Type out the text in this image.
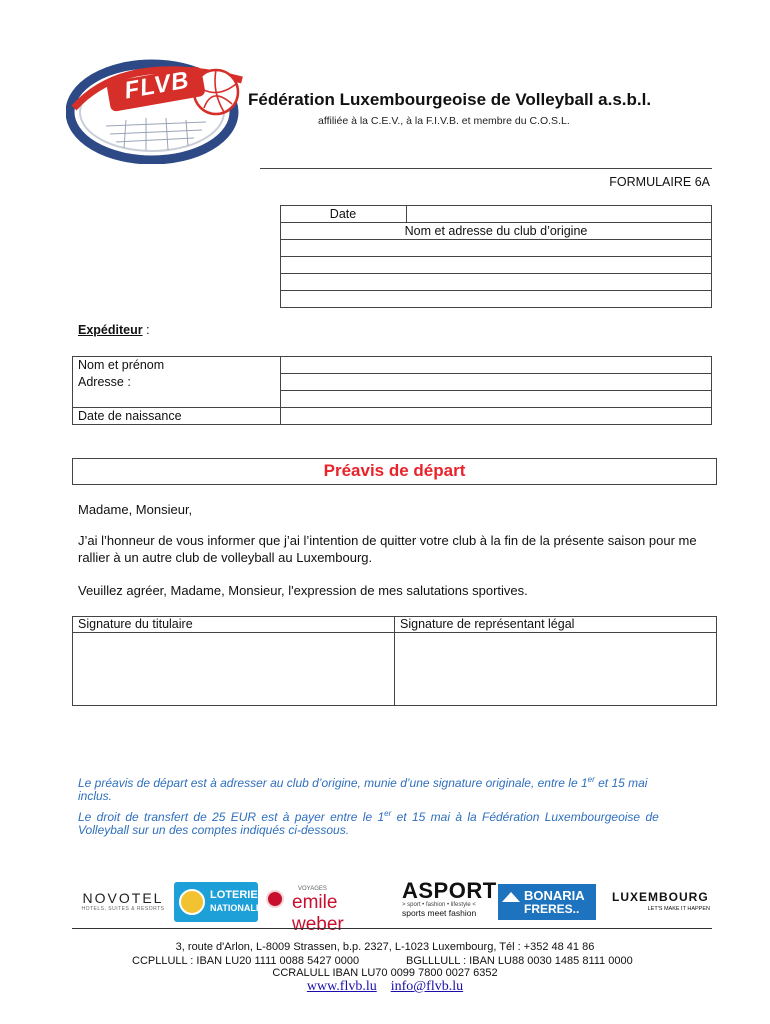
FLVB	Fédération Luxembourgeoise de Volleyball a.s.b.l.
affiliée à la C.E.V., à la F.I.V.B. et membre du C.O.S.L.
FORMULAIRE 6A
Date
Nom et adresse du club d’origine
Expéditeur :
Nom et prénom
Adresse :
Date de naissance
Préavis de départ
Madame, Monsieur,
J’ai l’honneur de vous informer que j’ai l’intention de quitter votre club à la fin de la présente saison pour me
rallier à un autre club de volleyball au Luxembourg.
Veuillez agréer, Madame, Monsieur, l'expression de mes salutations sportives.
Signature du titulaire	Signature de représentant légal
Le préavis de départ est à adresser au club d’origine, munie d’une signature originale, entre le 1er et 15 mai
inclus.
Le droit de transfert de 25 EUR est à payer entre le 1er et 15 mai à la Fédération Luxembourgeoise de
Volleyball sur un des comptes indiqués ci-dessous.
NOVOTEL
HOTELS, SUITES & RESORTS
LOTERIE
NATIONALE
VOYAGES
emile weber
ASPORT
> sport • fashion • lifestyle <
sports meet fashion
BONARIA
FRERES..
LUXEMBOURG
LET'S MAKE IT HAPPEN
3, route d'Arlon, L-8009 Strassen, b.p. 2327, L-1023 Luxembourg, Tél : +352 48 41 86
CCPLLULL : IBAN LU20 1111 0088 5427 0000	BGLLLULL : IBAN LU88 0030 1485 8111 0000
CCRALULL IBAN LU70 0099 7800 0027 6352
www.flvb.lu info@flvb.lu
